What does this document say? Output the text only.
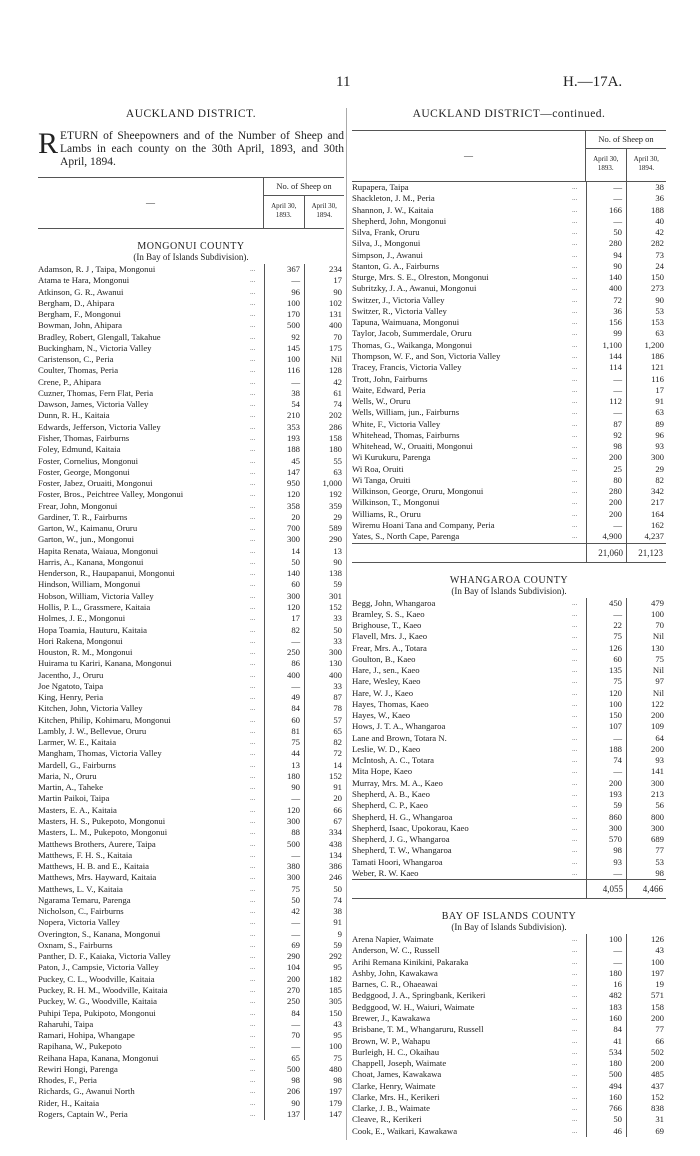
11	H.—17A.
AUCKLAND DISTRICT.
RETURN of Sheepowners and of the Number of Sheep and Lambs in each county on the 30th April, 1893, and 30th April, 1894.
—
No. of Sheep on
April 30, 1893.
April 30, 1894.
MONGONUI COUNTY
(In Bay of Islands Subdivision).
Adamson, R. J , Taipa, Mongonui	...	367	234
Atama te Hara, Mongonui	...	—	17
Atkinson, G. R., Awanui	...	96	90
Bergham, D., Ahipara	...	100	102
Bergham, F., Mongonui	...	170	131
Bowman, John, Ahipara	...	500	400
Bradley, Robert, Glengall, Takahue	...	92	70
Buckingham, N., Victoria Valley	...	145	175
Caristenson, C., Peria	...	100	Nil
Coulter, Thomas, Peria	...	116	128
Crene, P., Ahipara	...	—	42
Cuzner, Thomas, Fern Flat, Peria	...	38	61
Dawson, James, Victoria Valley	...	54	74
Dunn, R. H., Kaitaia	...	210	202
Edwards, Jefferson, Victoria Valley	...	353	286
Fisher, Thomas, Fairburns	...	193	158
Foley, Edmund, Kaitaia	...	188	180
Foster, Cornelius, Mongonui	...	45	55
Foster, George, Mongonui	...	147	63
Foster, Jabez, Oruaiti, Mongonui	...	950	1,000
Foster, Bros., Peichtree Valley, Mongonui	...	120	192
Frear, John, Mongonui	...	358	359
Gardiner, T. R., Fairburns	...	20	29
Garton, W., Kaimanu, Oruru	...	700	589
Garton, W., jun., Mongonui	...	300	290
Hapita Renata, Waiaua, Mongonui	...	14	13
Harris, A., Kanana, Mongonui	...	50	90
Henderson, R., Haupapanui, Mongonui	...	140	138
Hindson, William, Mongonui	...	60	59
Hobson, William, Victoria Valley	...	300	301
Hollis, P. L., Grassmere, Kaitaia	...	120	152
Holmes, J. E., Mongonui	...	17	33
Hopa Toamia, Hauturu, Kaitaia	...	82	50
Hori Rakena, Mongonui	...	—	33
Houston, R. M., Mongonui	...	250	300
Huirama tu Kariri, Kanana, Mongonui	...	86	130
Jacentho, J., Oruru	...	400	400
Joe Ngatoto, Taipa	...	—	33
King, Henry, Peria	...	49	87
Kitchen, John, Victoria Valley	...	84	78
Kitchen, Philip, Kohimaru, Mongonui	...	60	57
Lambly, J. W., Bellevue, Oruru	...	81	65
Larmer, W. E., Kaitaia	...	75	82
Mangham, Thomas, Victoria Valley	...	44	72
Mardell, G., Fairburns	...	13	14
Maria, N., Oruru	...	180	152
Martin, A., Taheke	...	90	91
Martin Paikoi, Taipa	...	—	20
Masters, E. A., Kaitaia	...	120	66
Masters, H. S., Pukepoto, Mongonui	...	300	67
Masters, L. M., Pukepoto, Mongonui	...	88	334
Matthews Brothers, Aurere, Taipa	...	500	438
Matthews, F. H. S., Kaitaia	...	—	134
Matthews, H. B. and E., Kaitaia	...	380	386
Matthews, Mrs. Hayward, Kaitaia	...	300	246
Matthews, L. V., Kaitaia	...	75	50
Ngarama Temaru, Parenga	...	50	74
Nicholson, C., Fairburns	...	42	38
Nopera, Victoria Valley	...	—	91
Overington, S., Kanana, Mongonui	...	—	9
Oxnam, S., Fairburns	...	69	59
Panther, D. F., Kaiaka, Victoria Valley	...	290	292
Paton, J., Campsie, Victoria Valley	...	104	95
Puckey, C. L., Woodville, Kaitaia	...	200	182
Puckey, R. H. M., Woodville, Kaitaia	...	270	185
Puckey, W. G., Woodville, Kaitaia	...	250	305
Puhipi Tepa, Pukipoto, Mongonui	...	84	150
Raharuhi, Taipa	...	—	43
Ramari, Hohipa, Whangape	...	70	95
Rapihana, W., Pukepoto	...	—	100
Reihana Hapa, Kanana, Mongonui	...	65	75
Rewiri Hongi, Parenga	...	500	480
Rhodes, F., Peria	...	98	98
Richards, G., Awanui North	...	206	197
Rider, H., Kaitaia	...	90	179
Rogers, Captain W., Peria	...	137	147
AUCKLAND DISTRICT—continued.
—
No. of Sheep on
April 30, 1893.
April 30, 1894.
Rupapera, Taipa	...	—	38
Shackleton, J. M., Peria	...	—	36
Shannon, J. W., Kaitaia	...	166	188
Shepherd, John, Mongonui	...	—	40
Silva, Frank, Oruru	...	50	42
Silva, J., Mongonui	...	280	282
Simpson, J., Awanui	...	94	73
Stanton, G. A., Fairburns	...	90	24
Sturge, Mrs. S. E., Olreston, Mongonui	...	140	150
Subritzky, J. A., Awanui, Mongonui	...	400	273
Switzer, J., Victoria Valley	...	72	90
Switzer, R., Victoria Valley	...	36	53
Tapuna, Waimuana, Mongonui	...	156	153
Taylor, Jacob, Summerdale, Oruru	...	99	63
Thomas, G., Waikanga, Mongonui	...	1,100	1,200
Thompson, W. F., and Son, Victoria Valley	...	144	186
Tracey, Francis, Victoria Valley	...	114	121
Trott, John, Fairburns	...	—	116
Waite, Edward, Peria	...	—	17
Wells, W., Oruru	...	112	91
Wells, William, jun., Fairburns	...	—	63
White, F., Victoria Valley	...	87	89
Whitehead, Thomas, Fairburns	...	92	96
Whitehead, W., Oruaiti, Mongonui	...	98	93
Wi Kurukuru, Parenga	...	200	300
Wi Roa, Oruiti	...	25	29
Wi Tanga, Oruiti	...	80	82
Wilkinson, George, Oruru, Mongonui	...	280	342
Wilkinson, T., Mongonui	...	200	217
Williams, R., Oruru	...	200	164
Wiremu Hoani Tana and Company, Peria	...	—	162
Yates, S., North Cape, Parenga	...	4,900	4,237
21,060	21,123
WHANGAROA COUNTY
(In Bay of Islands Subdivision).
Begg, John, Whangaroa	...	450	479
Bramley, S. S., Kaeo	...	—	100
Brighouse, T., Kaeo	...	22	70
Flavell, Mrs. J., Kaeo	...	75	Nil
Frear, Mrs. A., Totara	...	126	130
Goulton, B., Kaeo	...	60	75
Hare, J., sen., Kaeo	...	135	Nil
Hare, Wesley, Kaeo	...	75	97
Hare, W. J., Kaeo	...	120	Nil
Hayes, Thomas, Kaeo	...	100	122
Hayes, W., Kaeo	...	150	200
Hows, J. T. A., Whangaroa	...	107	109
Lane and Brown, Totara N.	...	—	64
Leslie, W. D., Kaeo	...	188	200
McIntosh, A. C., Totara	...	74	93
Mita Hope, Kaeo	...	—	141
Murray, Mrs. M. A., Kaeo	...	200	300
Shepherd, A. B., Kaeo	...	193	213
Shepherd, C. P., Kaeo	...	59	56
Shepherd, H. G., Whangaroa	...	860	800
Shepherd, Isaac, Upokorau, Kaeo	...	300	300
Shepherd, J. G., Whangaroa	...	570	689
Shepherd, T. W., Whangaroa	...	98	77
Tamati Hoori, Whangaroa	...	93	53
Weber, R. W. Kaeo	...	—	98
4,055	4,466
BAY OF ISLANDS COUNTY
(In Bay of Islands Subdivision).
Arena Napier, Waimate	...	100	126
Anderson, W. C., Russell	...	—	43
Arihi Remana Kinikini, Pakaraka	...	—	100
Ashby, John, Kawakawa	...	180	197
Barnes, C. R., Ohaeawai	...	16	19
Bedggood, J. A., Springbank, Kerikeri	...	482	571
Bedggood, W. H., Waiuri, Waimate	...	183	158
Brewer, J., Kawakawa	...	160	200
Brisbane, T. M., Whangaruru, Russell	...	84	77
Brown, W. P., Wahapu	...	41	66
Burleigh, H. C., Okaihau	...	534	502
Chappell, Joseph, Waimate	...	180	200
Choat, James, Kawakawa	...	500	485
Clarke, Henry, Waimate	...	494	437
Clarke, Mrs. H., Kerikeri	...	160	152
Clarke, J. B., Waimate	...	766	838
Cleave, R., Kerikeri	...	50	31
Cook, E., Waikari, Kawakawa	...	46	69
